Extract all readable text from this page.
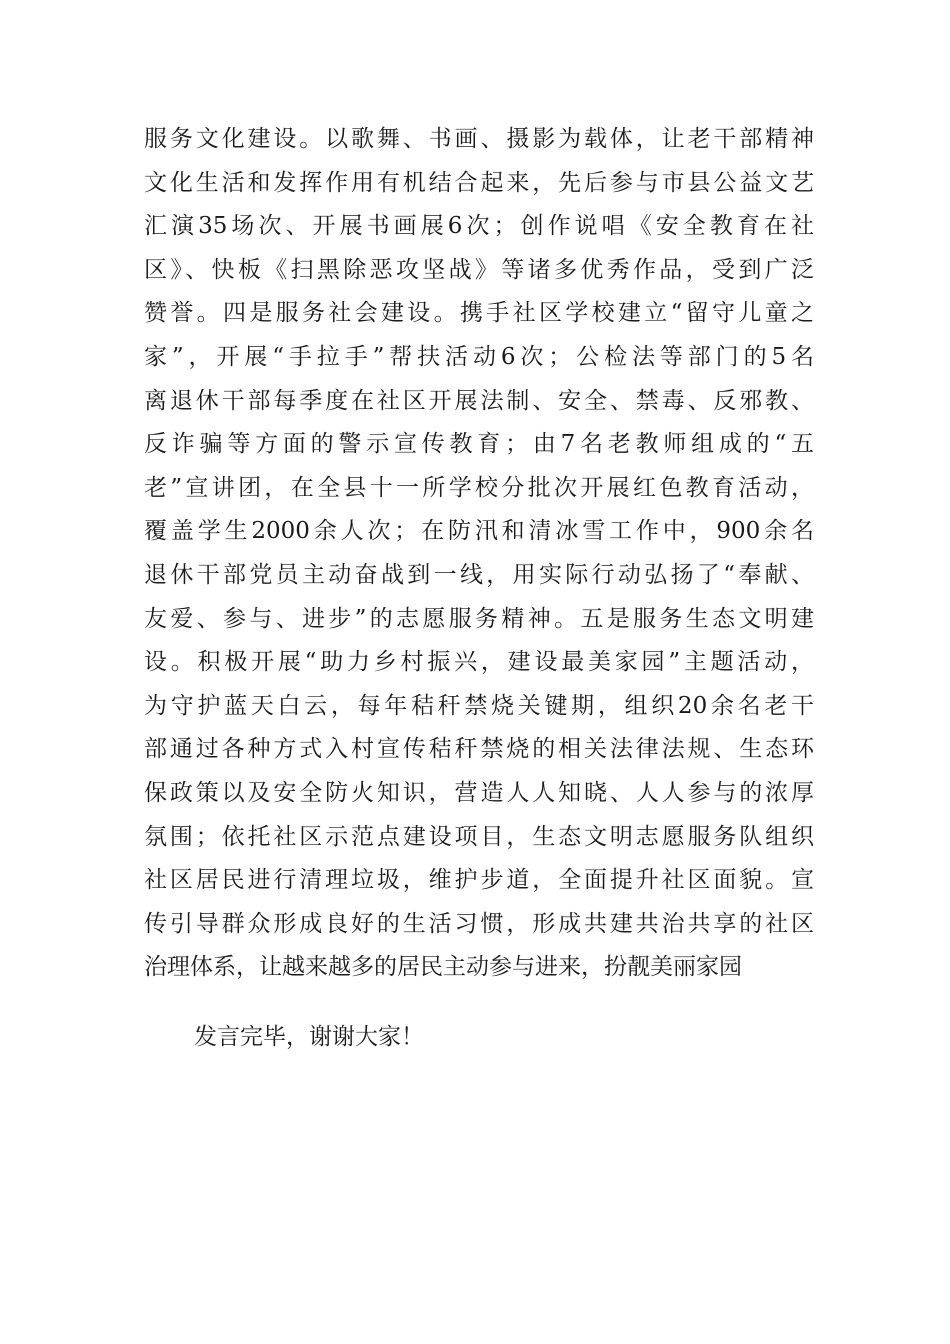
服务文化建设。以歌舞、书画、摄影为载体，让老干部精神
文化生活和发挥作用有机结合起来，先后参与市县公益文艺
汇演35场次、开展书画展6次；创作说唱《安全教育在社
区》、快板《扫黑除恶攻坚战》等诸多优秀作品，受到广泛
赞誉。四是服务社会建设。携手社区学校建立“留守儿童之
家”，开展“手拉手”帮扶活动6次；公检法等部门的5名
离退休干部每季度在社区开展法制、安全、禁毒、反邪教、
反诈骗等方面的警示宣传教育；由7名老教师组成的“五
老”宣讲团，在全县十一所学校分批次开展红色教育活动，
覆盖学生2000余人次；在防汛和清冰雪工作中，900余名
退休干部党员主动奋战到一线，用实际行动弘扬了“奉献、
友爱、参与、进步”的志愿服务精神。五是服务生态文明建
设。积极开展“助力乡村振兴，建设最美家园”主题活动，
为守护蓝天白云，每年秸秆禁烧关键期，组织20余名老干
部通过各种方式入村宣传秸秆禁烧的相关法律法规、生态环
保政策以及安全防火知识，营造人人知晓、人人参与的浓厚
氛围；依托社区示范点建设项目，生态文明志愿服务队组织
社区居民进行清理垃圾，维护步道，全面提升社区面貌。宣
传引导群众形成良好的生活习惯，形成共建共治共享的社区
治理体系，让越来越多的居民主动参与进来，扮靓美丽家园
发言完毕，谢谢大家！
